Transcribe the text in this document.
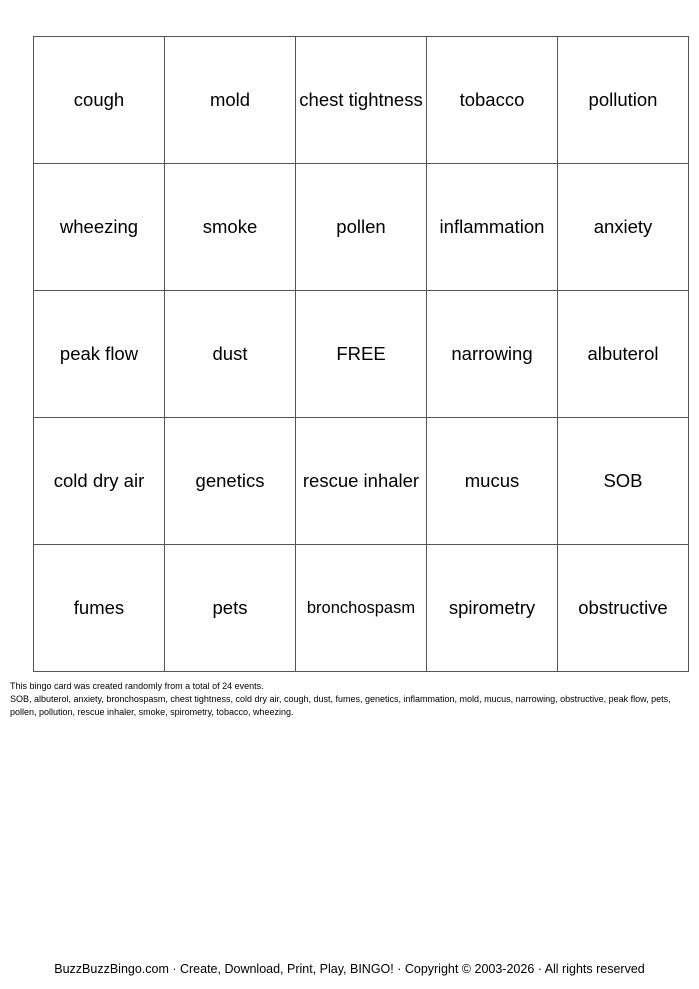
cough	mold	chest tightness	tobacco	pollution
wheezing	smoke	pollen	inflammation	anxiety
peak flow	dust	FREE	narrowing	albuterol
cold dry air	genetics	rescue inhaler	mucus	SOB
fumes	pets	bronchospasm	spirometry	obstructive

This bingo card was created randomly from a total of 24 events.

SOB, albuterol, anxiety, bronchospasm, chest tightness, cold dry air, cough, dust, fumes, genetics, inflammation, mold, mucus, narrowing, obstructive, peak flow, pets, pollen, pollution, rescue inhaler, smoke, spirometry, tobacco, wheezing.

BuzzBuzzBingo.com · Create, Download, Print, Play, BINGO! · Copyright © 2003-2026 · All rights reserved
